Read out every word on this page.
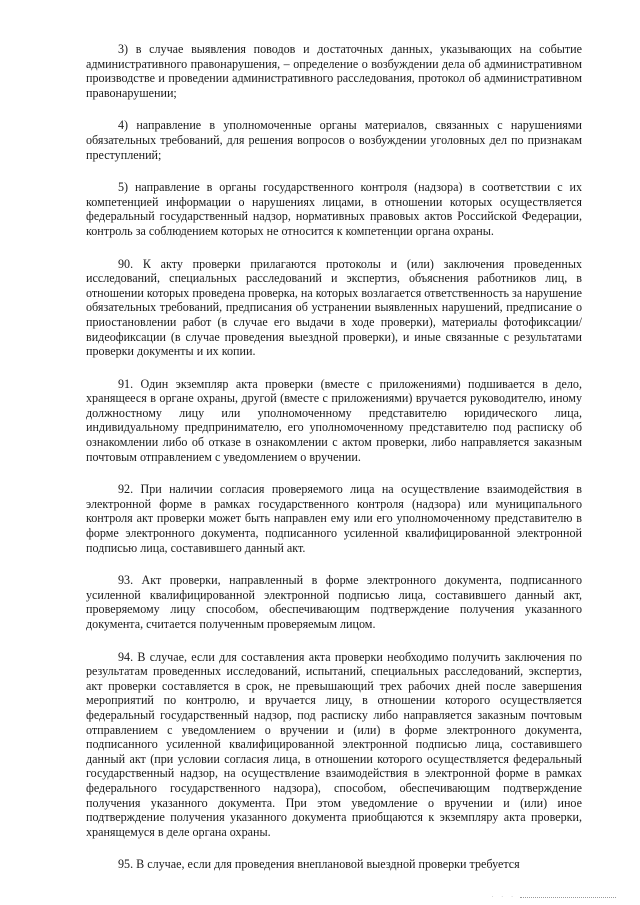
3) в случае выявления поводов и достаточных данных, указывающих на событие административного правонарушения, – определение о возбуждении дела об административном производстве и проведении административного расследования, протокол об административном правонарушении;

4) направление в уполномоченные органы материалов, связанных с нарушениями обязательных требований, для решения вопросов о возбуждении уголовных дел по признакам преступлений;

5) направление в органы государственного контроля (надзора) в соответствии с их компетенцией информации о нарушениях лицами, в отношении которых осуществляется федеральный государственный надзор, нормативных правовых актов Российской Федерации, контроль за соблюдением которых не относится к компетенции органа охраны.

90. К акту проверки прилагаются протоколы и (или) заключения проведенных исследований, специальных расследований и экспертиз, объяснения работников лиц, в отношении которых проведена проверка, на которых возлагается ответственность за нарушение обязательных требований, предписания об устранении выявленных нарушений, предписание о приостановлении работ (в случае его выдачи в ходе проверки), материалы фотофиксации/видеофиксации (в случае проведения выездной проверки), и иные связанные с результатами проверки документы и их копии.

91. Один экземпляр акта проверки (вместе с приложениями) подшивается в дело, хранящееся в органе охраны, другой (вместе с приложениями) вручается руководителю, иному должностному лицу или уполномоченному представителю юридического лица, индивидуальному предпринимателю, его уполномоченному представителю под расписку об ознакомлении либо об отказе в ознакомлении с актом проверки, либо направляется заказным почтовым отправлением с уведомлением о вручении.

92. При наличии согласия проверяемого лица на осуществление взаимодействия в электронной форме в рамках государственного контроля (надзора) или муниципального контроля акт проверки может быть направлен ему или его уполномоченному представителю в форме электронного документа, подписанного усиленной квалифицированной электронной подписью лица, составившего данный акт.

93. Акт проверки, направленный в форме электронного документа, подписанного усиленной квалифицированной электронной подписью лица, составившего данный акт, проверяемому лицу способом, обеспечивающим подтверждение получения указанного документа, считается полученным проверяемым лицом.

94. В случае, если для составления акта проверки необходимо получить заключения по результатам проведенных исследований, испытаний, специальных расследований, экспертиз, акт проверки составляется в срок, не превышающий трех рабочих дней после завершения мероприятий по контролю, и вручается лицу, в отношении которого осуществляется федеральный государственный надзор, под расписку либо направляется заказным почтовым отправлением с уведомлением о вручении и (или) в форме электронного документа, подписанного усиленной квалифицированной электронной подписью лица, составившего данный акт (при условии согласия лица, в отношении которого осуществляется федеральный государственный надзор, на осуществление взаимодействия в электронной форме в рамках федерального государственного надзора), способом, обеспечивающим подтверждение получения указанного документа. При этом уведомление о вручении и (или) иное подтверждение получения указанного документа приобщаются к экземпляру акта проверки, хранящемуся в деле органа охраны.

95. В случае, если для проведения внеплановой выездной проверки требуется

· · ·
